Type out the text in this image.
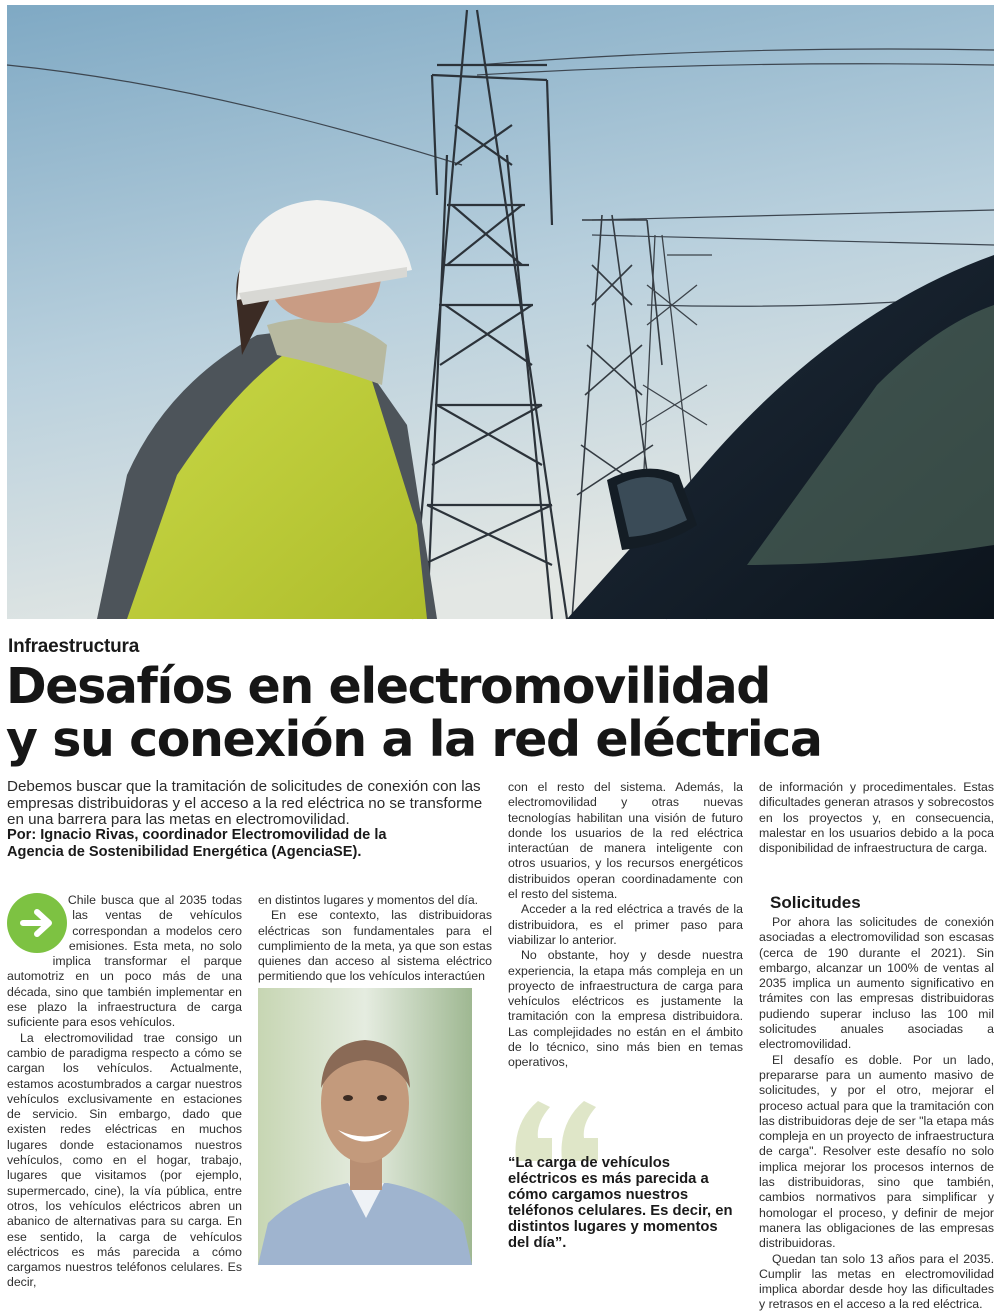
Infraestructura
Desafíos en electromovilidad
y su conexión a la red eléctrica

Debemos buscar que la tramitación de solicitudes de conexión con las empresas distribuidoras y el acceso a la red eléctrica no se transforme en una barrera para las metas en electromovilidad.

Por: Ignacio Rivas, coordinador Electromovilidad de la
Agencia de Sostenibilidad Energética (AgenciaSE).

Chile busca que al 2035 todas las ventas de vehículos correspondan a modelos cero emisiones. Esta meta, no solo implica transformar el parque automotriz en un poco más de una década, sino que también implementar en ese plazo la infraestructura de carga suficiente para esos vehículos.

La electromovilidad trae consigo un cambio de paradigma respecto a cómo se cargan los vehículos. Actualmente, estamos acostumbrados a cargar nuestros vehículos exclusivamente en estaciones de servicio. Sin embargo, dado que existen redes eléctricas en muchos lugares donde estacionamos nuestros vehículos, como en el hogar, trabajo, lugares que visitamos (por ejemplo, supermercado, cine), la vía pública, entre otros, los vehículos eléctricos abren un abanico de alternativas para su carga. En ese sentido, la carga de vehículos eléctricos es más parecida a cómo cargamos nuestros teléfonos celulares. Es decir,

en distintos lugares y momentos del día.

En ese contexto, las distribuidoras eléctricas son fundamentales para el cumplimiento de la meta, ya que son estas quienes dan acceso al sistema eléctrico permitiendo que los vehículos interactúen

con el resto del sistema. Además, la electromovilidad y otras nuevas tecnologías habilitan una visión de futuro donde los usuarios de la red eléctrica interactúan de manera inteligente con otros usuarios, y los recursos energéticos distribuidos operan coordinadamente con el resto del sistema.

Acceder a la red eléctrica a través de la distribuidora, es el primer paso para viabilizar lo anterior.

No obstante, hoy y desde nuestra experiencia, la etapa más compleja en un proyecto de infraestructura de carga para vehículos eléctricos es justamente la tramitación con la empresa distribuidora. Las complejidades no están en el ámbito de lo técnico, sino más bien en temas operativos,

“La carga de vehículos eléctricos es más parecida a cómo cargamos nuestros teléfonos celulares. Es decir, en distintos lugares y momentos del día”.

de información y procedimentales. Estas dificultades generan atrasos y sobrecostos en los proyectos y, en consecuencia, malestar en los usuarios debido a la poca disponibilidad de infraestructura de carga.

Solicitudes

Por ahora las solicitudes de conexión asociadas a electromovilidad son escasas (cerca de 190 durante el 2021). Sin embargo, alcanzar un 100% de ventas al 2035 implica un aumento significativo en trámites con las empresas distribuidoras pudiendo superar incluso las 100 mil solicitudes anuales asociadas a electromovilidad.

El desafío es doble. Por un lado, prepararse para un aumento masivo de solicitudes, y por el otro, mejorar el proceso actual para que la tramitación con las distribuidoras deje de ser "la etapa más compleja en un proyecto de infraestructura de carga". Resolver este desafío no solo implica mejorar los procesos internos de las distribuidoras, sino que también, cambios normativos para simplificar y homologar el proceso, y definir de mejor manera las obligaciones de las empresas distribuidoras.

Quedan tan solo 13 años para el 2035. Cumplir las metas en electromovilidad implica abordar desde hoy las dificultades y retrasos en el acceso a la red eléctrica.
